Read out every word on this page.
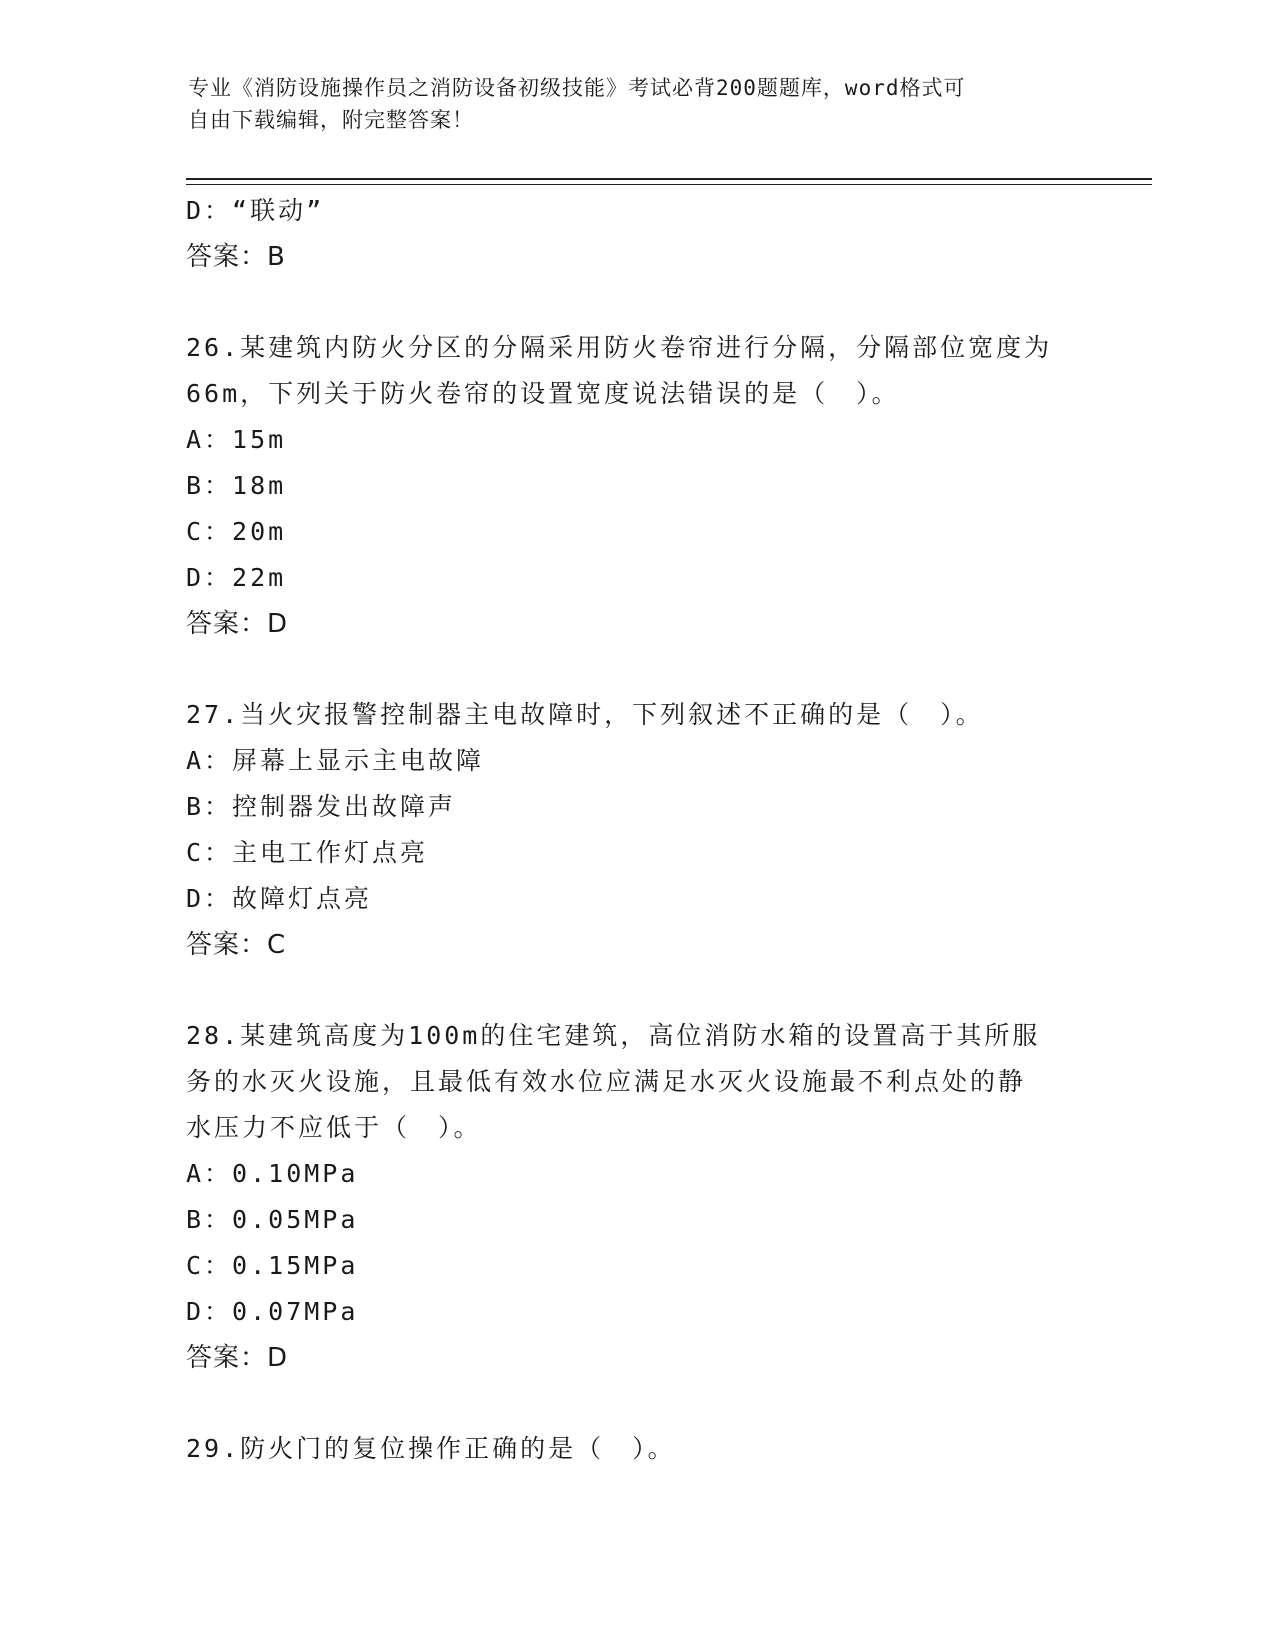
专业《消防设施操作员之消防设备初级技能》考试必背200题题库，word格式可
自由下载编辑，附完整答案！
D：“联动”
答案：B
26.某建筑内防火分区的分隔采用防火卷帘进行分隔，分隔部位宽度为
66m，下列关于防火卷帘的设置宽度说法错误的是（　）。
A：15m
B：18m
C：20m
D：22m
答案：D
27.当火灾报警控制器主电故障时，下列叙述不正确的是（　）。
A：屏幕上显示主电故障
B：控制器发出故障声
C：主电工作灯点亮
D：故障灯点亮
答案：C
28.某建筑高度为100m的住宅建筑，高位消防水箱的设置高于其所服
务的水灭火设施，且最低有效水位应满足水灭火设施最不利点处的静
水压力不应低于（　）。
A：0.10MPa
B：0.05MPa
C：0.15MPa
D：0.07MPa
答案：D
29.防火门的复位操作正确的是（　）。
